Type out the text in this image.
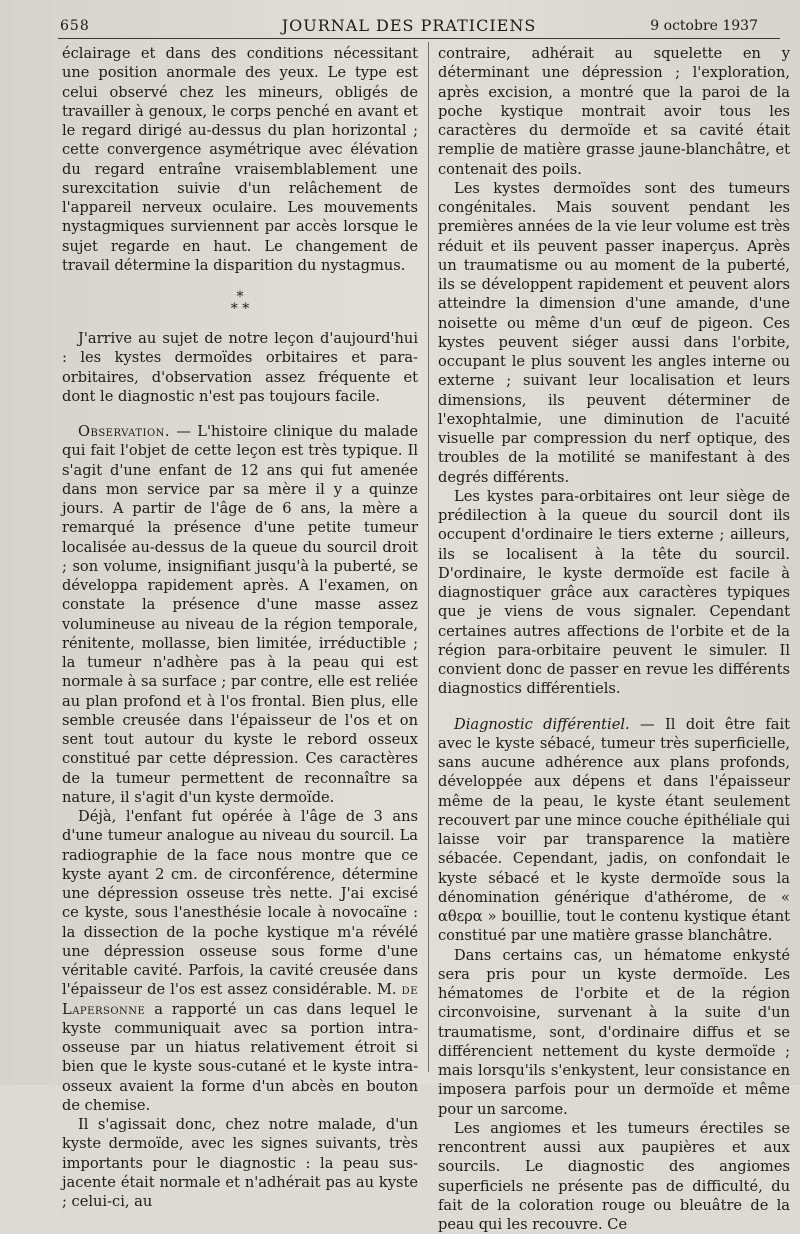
658	JOURNAL DES PRATICIENS	9 octobre 1937

éclairage et dans des conditions nécessitant une position anormale des yeux. Le type est celui observé chez les mineurs, obligés de travailler à genoux, le corps penché en avant et le regard dirigé au-dessus du plan horizontal ; cette convergence asymétrique avec élévation du regard entraîne vraisemblablement une surexcitation suivie d'un relâchement de l'appareil nerveux oculaire. Les mouvements nystagmiques surviennent par accès lorsque le sujet regarde en haut. Le changement de travail détermine la disparition du nystagmus.

*
* *

J'arrive au sujet de notre leçon d'aujourd'hui : les kystes dermoïdes orbitaires et para-orbitaires, d'observation assez fréquente et dont le diagnostic n'est pas toujours facile.

Observation. — L'histoire clinique du malade qui fait l'objet de cette leçon est très typique. Il s'agit d'une enfant de 12 ans qui fut amenée dans mon service par sa mère il y a quinze jours. A partir de l'âge de 6 ans, la mère a remarqué la présence d'une petite tumeur localisée au-dessus de la queue du sourcil droit ; son volume, insignifiant jusqu'à la puberté, se développa rapidement après. A l'examen, on constate la présence d'une masse assez volumineuse au niveau de la région temporale, rénitente, mollasse, bien limitée, irréductible ; la tumeur n'adhère pas à la peau qui est normale à sa surface ; par contre, elle est reliée au plan profond et à l'os frontal. Bien plus, elle semble creusée dans l'épaisseur de l'os et on sent tout autour du kyste le rebord osseux constitué par cette dépression. Ces caractères de la tumeur permettent de reconnaître sa nature, il s'agit d'un kyste dermoïde.

Déjà, l'enfant fut opérée à l'âge de 3 ans d'une tumeur analogue au niveau du sourcil. La radiographie de la face nous montre que ce kyste ayant 2 cm. de circonférence, détermine une dépression osseuse très nette. J'ai excisé ce kyste, sous l'anesthésie locale à novocaïne : la dissection de la poche kystique m'a révélé une dépression osseuse sous forme d'une véritable cavité. Parfois, la cavité creusée dans l'épaisseur de l'os est assez considérable. M. de Lapersonne a rapporté un cas dans lequel le kyste communiquait avec sa portion intra-osseuse par un hiatus relativement étroit si bien que le kyste sous-cutané et le kyste intra-osseux avaient la forme d'un abcès en bouton de chemise.

Il s'agissait donc, chez notre malade, d'un kyste dermoïde, avec les signes suivants, très importants pour le diagnostic : la peau sus-jacente était normale et n'adhérait pas au kyste ; celui-ci, au

contraire, adhérait au squelette en y déterminant une dépression ; l'exploration, après excision, a montré que la paroi de la poche kystique montrait avoir tous les caractères du dermoïde et sa cavité était remplie de matière grasse jaune-blanchâtre, et contenait des poils.

Les kystes dermoïdes sont des tumeurs congénitales. Mais souvent pendant les premières années de la vie leur volume est très réduit et ils peuvent passer inaperçus. Après un traumatisme ou au moment de la puberté, ils se développent rapidement et peuvent alors atteindre la dimension d'une amande, d'une noisette ou même d'un œuf de pigeon. Ces kystes peuvent siéger aussi dans l'orbite, occupant le plus souvent les angles interne ou externe ; suivant leur localisation et leurs dimensions, ils peuvent déterminer de l'exophtalmie, une diminution de l'acuité visuelle par compression du nerf optique, des troubles de la motilité se manifestant à des degrés différents.

Les kystes para-orbitaires ont leur siège de prédilection à la queue du sourcil dont ils occupent d'ordinaire le tiers externe ; ailleurs, ils se localisent à la tête du sourcil. D'ordinaire, le kyste dermoïde est facile à diagnostiquer grâce aux caractères typiques que je viens de vous signaler. Cependant certaines autres affections de l'orbite et de la région para-orbitaire peuvent le simuler. Il convient donc de passer en revue les différents diagnostics différentiels.

Diagnostic différentiel. — Il doit être fait avec le kyste sébacé, tumeur très superficielle, sans aucune adhérence aux plans profonds, développée aux dépens et dans l'épaisseur même de la peau, le kyste étant seulement recouvert par une mince couche épithéliale qui laisse voir par transparence la matière sébacée. Cependant, jadis, on confondait le kyste sébacé et le kyste dermoïde sous la dénomination générique d'athérome, de « αθερα » bouillie, tout le contenu kystique étant constitué par une matière grasse blanchâtre.

Dans certains cas, un hématome enkysté sera pris pour un kyste dermoïde. Les hématomes de l'orbite et de la région circonvoisine, survenant à la suite d'un traumatisme, sont, d'ordinaire diffus et se différencient nettement du kyste dermoïde ; mais lorsqu'ils s'enkystent, leur consistance en imposera parfois pour un dermoïde et même pour un sarcome.

Les angiomes et les tumeurs érectiles se rencontrent aussi aux paupières et aux sourcils. Le diagnostic des angiomes superficiels ne présente pas de difficulté, du fait de la coloration rouge ou bleuâtre de la peau qui les recouvre. Ce
